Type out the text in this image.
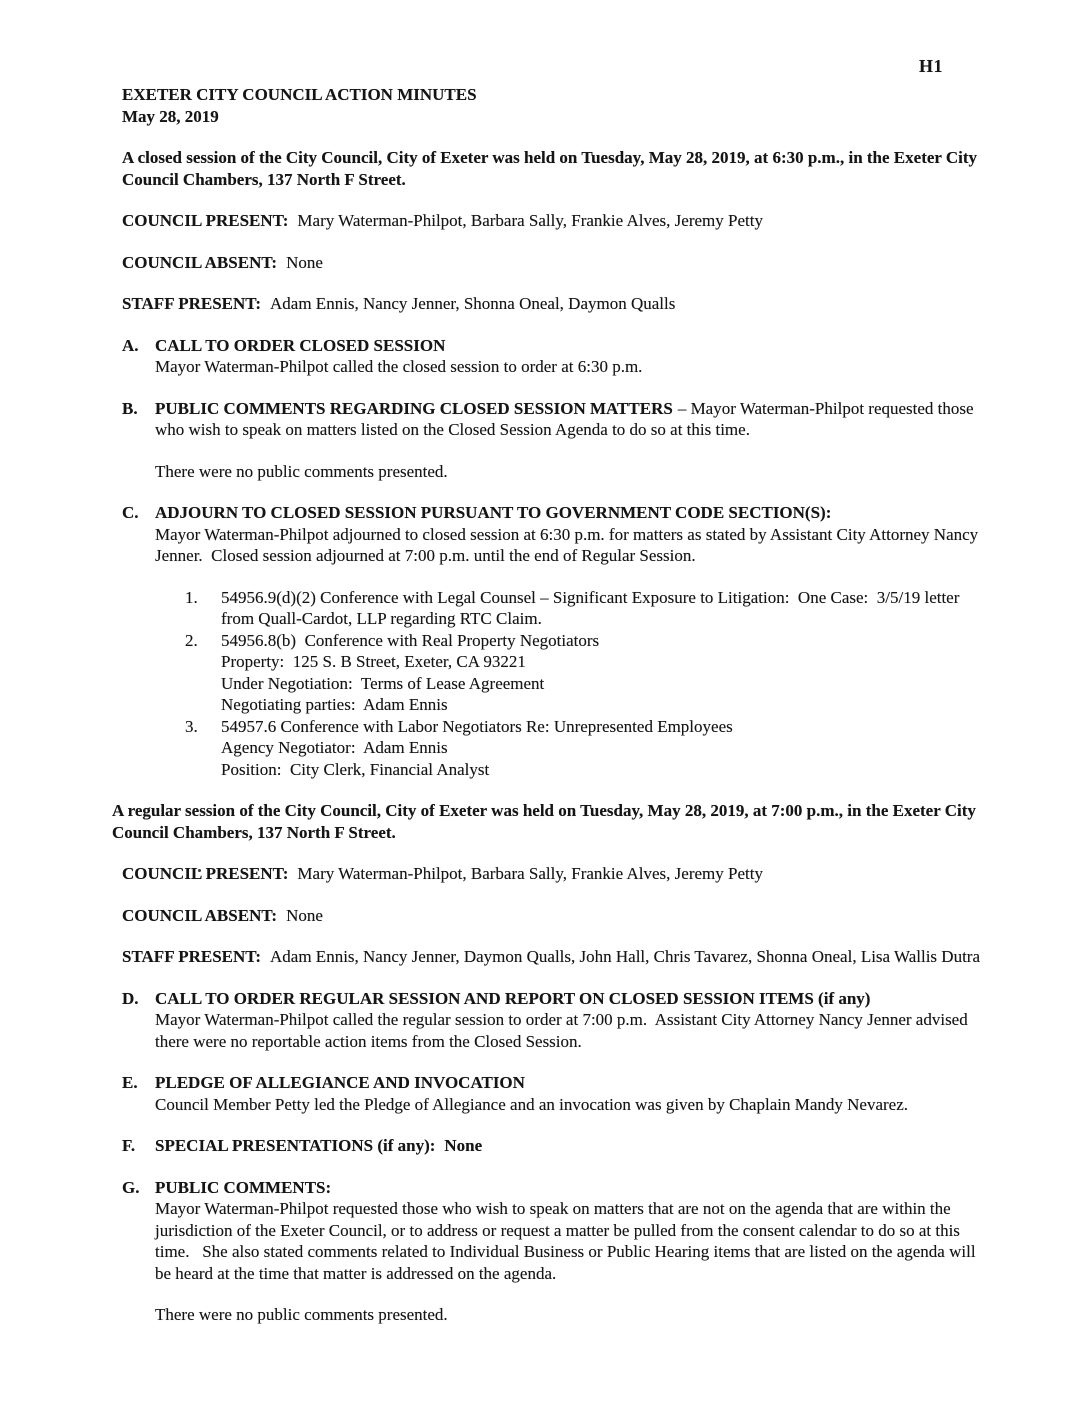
H1
EXETER CITY COUNCIL ACTION MINUTES
May 28, 2019

A closed session of the City Council, City of Exeter was held on Tuesday, May 28, 2019, at 6:30 p.m., in the Exeter City Council Chambers, 137 North F Street.

COUNCIL PRESENT: Mary Waterman-Philpot, Barbara Sally, Frankie Alves, Jeremy Petty

COUNCIL ABSENT: None

STAFF PRESENT: Adam Ennis, Nancy Jenner, Shonna Oneal, Daymon Qualls

A. CALL TO ORDER CLOSED SESSION
Mayor Waterman-Philpot called the closed session to order at 6:30 p.m.
B.	PUBLIC COMMENTS REGARDING CLOSED SESSION MATTERS – Mayor Waterman-Philpot requested those who wish to speak on matters listed on the Closed Session Agenda to do so at this time.

There were no public comments presented.

C. ADJOURN TO CLOSED SESSION PURSUANT TO GOVERNMENT CODE SECTION(S):
Mayor Waterman-Philpot adjourned to closed session at 6:30 p.m. for matters as stated by Assistant City Attorney Nancy Jenner.  Closed session adjourned at 7:00 p.m. until the end of Regular Session.
1.	54956.9(d)(2) Conference with Legal Counsel – Significant Exposure to Litigation:  One Case:  3/5/19 letter from Quall-Cardot, LLP regarding RTC Claim.
2.	54956.8(b)  Conference with Real Property Negotiators
Property:  125 S. B Street, Exeter, CA 93221
Under Negotiation:  Terms of Lease Agreement
Negotiating parties:  Adam Ennis
3.	54957.6 Conference with Labor Negotiators Re: Unrepresented Employees
Agency Negotiator:  Adam Ennis
Position:  City Clerk, Financial Analyst

A regular session of the City Council, City of Exeter was held on Tuesday, May 28, 2019, at 7:00 p.m., in the Exeter City Council Chambers, 137 North F Street.

COUNCIL PRESENT: Mary Waterman-Philpot, Barbara Sally, Frankie Alves, Jeremy Petty

COUNCIL ABSENT: None

STAFF PRESENT: Adam Ennis, Nancy Jenner, Daymon Qualls, John Hall, Chris Tavarez, Shonna Oneal, Lisa Wallis Dutra

D. CALL TO ORDER REGULAR SESSION AND REPORT ON CLOSED SESSION ITEMS (if any)
Mayor Waterman-Philpot called the regular session to order at 7:00 p.m.  Assistant City Attorney Nancy Jenner advised there were no reportable action items from the Closed Session.
E.	PLEDGE OF ALLEGIANCE AND INVOCATION
Council Member Petty led the Pledge of Allegiance and an invocation was given by Chaplain Mandy Nevarez.
F.	SPECIAL PRESENTATIONS (if any): None
G. PUBLIC COMMENTS:
Mayor Waterman-Philpot requested those who wish to speak on matters that are not on the agenda that are within the jurisdiction of the Exeter Council, or to address or request a matter be pulled from the consent calendar to do so at this time.   She also stated comments related to Individual Business or Public Hearing items that are listed on the agenda will be heard at the time that matter is addressed on the agenda.

There were no public comments presented.
